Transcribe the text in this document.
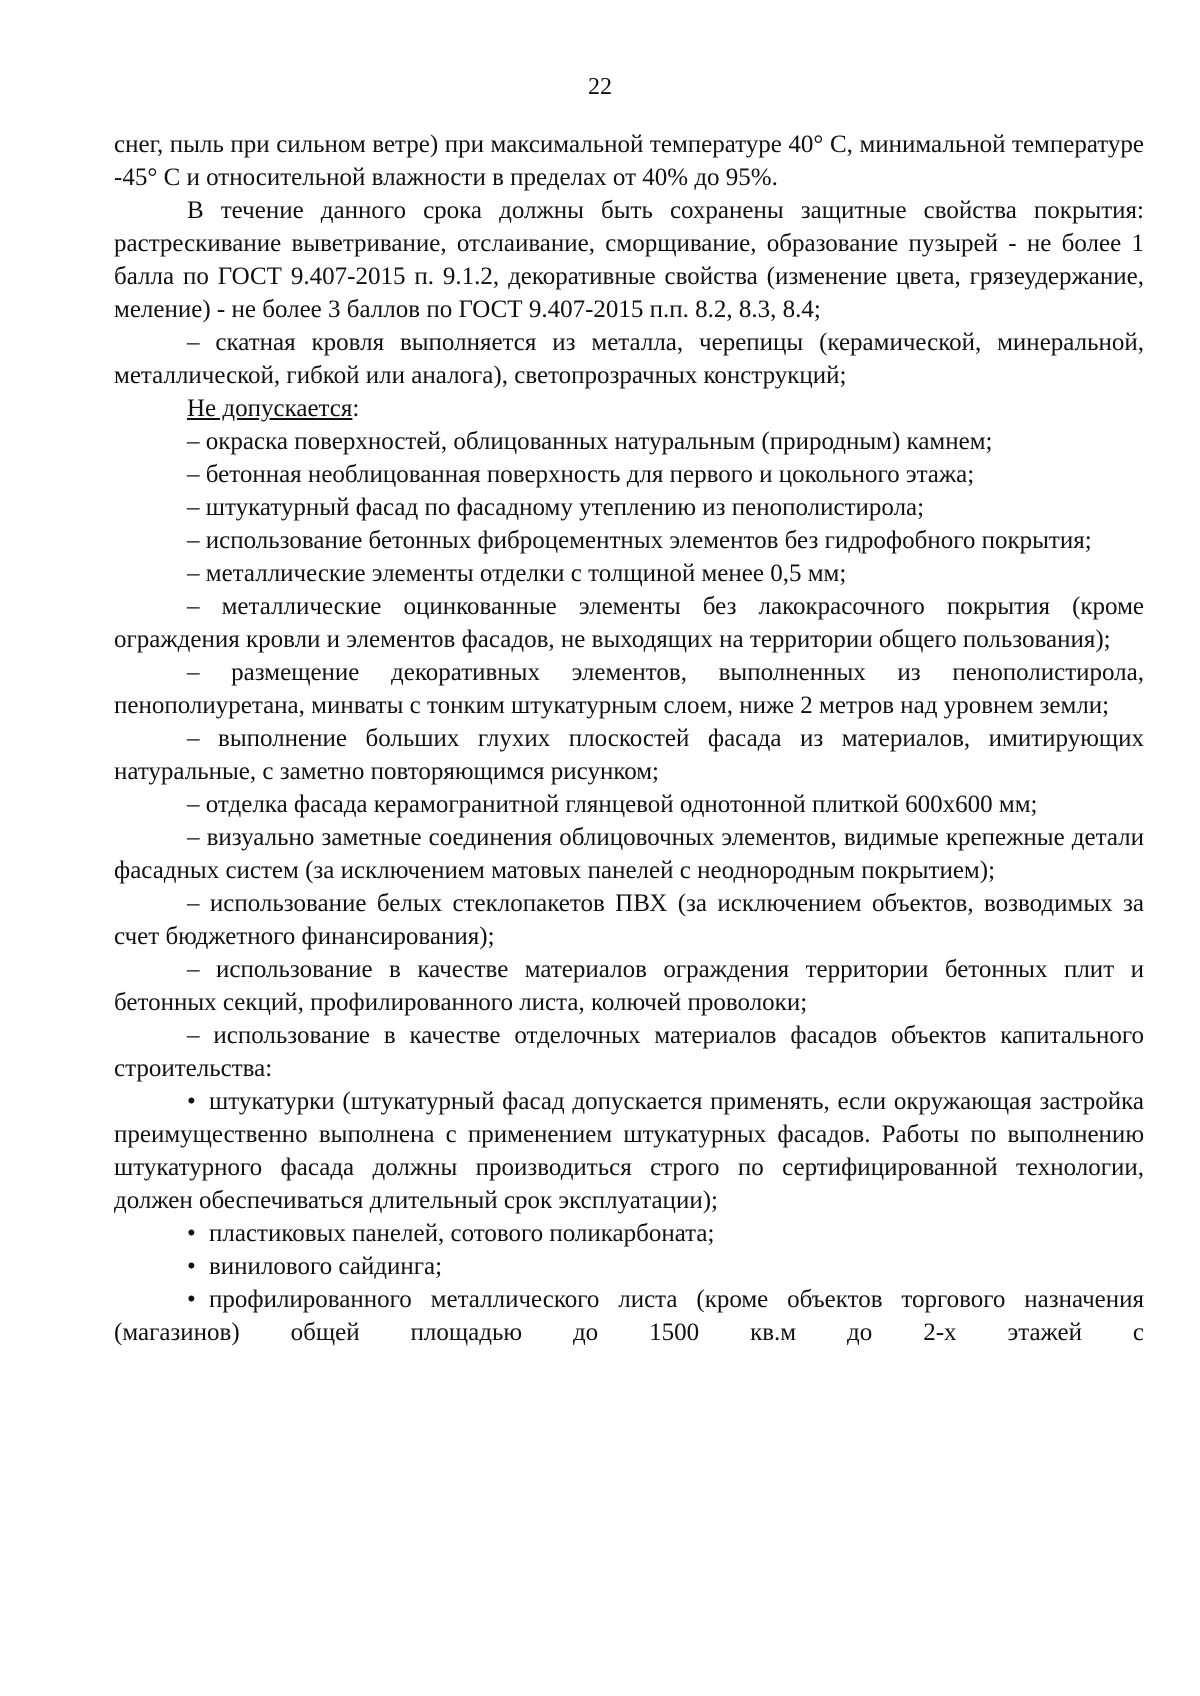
22

снег, пыль при сильном ветре) при максимальной температуре 40° С, минимальной температуре -45° С и относительной влажности в пределах от 40% до 95%.

В течение данного срока должны быть сохранены защитные свойства покрытия: растрескивание выветривание, отслаивание, сморщивание, образование пузырей - не более 1 балла по ГОСТ 9.407-2015 п. 9.1.2, декоративные свойства (изменение цвета, грязеудержание, меление) - не более 3 баллов по ГОСТ 9.407-2015 п.п. 8.2, 8.3, 8.4;

– скатная кровля выполняется из металла, черепицы (керамической, минеральной, металлической, гибкой или аналога), светопрозрачных конструкций;

Не допускается:

– окраска поверхностей, облицованных натуральным (природным) камнем;

– бетонная необлицованная поверхность для первого и цокольного этажа;

– штукатурный фасад по фасадному утеплению из пенополистирола;

– использование бетонных фиброцементных элементов без гидрофобного покрытия;

– металлические элементы отделки с толщиной менее 0,5 мм;

– металлические оцинкованные элементы без лакокрасочного покрытия (кроме ограждения кровли и элементов фасадов, не выходящих на территории общего пользования);

– размещение декоративных элементов, выполненных из пенополистирола, пенополиуретана, минваты с тонким штукатурным слоем, ниже 2 метров над уровнем земли;

– выполнение больших глухих плоскостей фасада из материалов, имитирующих натуральные, с заметно повторяющимся рисунком;

– отделка фасада керамогранитной глянцевой однотонной плиткой 600x600 мм;

– визуально заметные соединения облицовочных элементов, видимые крепежные детали фасадных систем (за исключением матовых панелей с неоднородным покрытием);

– использование белых стеклопакетов ПВХ (за исключением объектов, возводимых за счет бюджетного финансирования);

– использование в качестве материалов ограждения территории бетонных плит и бетонных секций, профилированного листа, колючей проволоки;

– использование в качестве отделочных материалов фасадов объектов капитального строительства:

• штукатурки (штукатурный фасад допускается применять, если окружающая застройка преимущественно выполнена с применением штукатурных фасадов. Работы по выполнению штукатурного фасада должны производиться строго по сертифицированной технологии, должен обеспечиваться длительный срок эксплуатации);

• пластиковых панелей, сотового поликарбоната;

• винилового сайдинга;

• профилированного металлического листа (кроме объектов торгового назначения (магазинов) общей площадью до 1500 кв.м до 2-х этажей с
